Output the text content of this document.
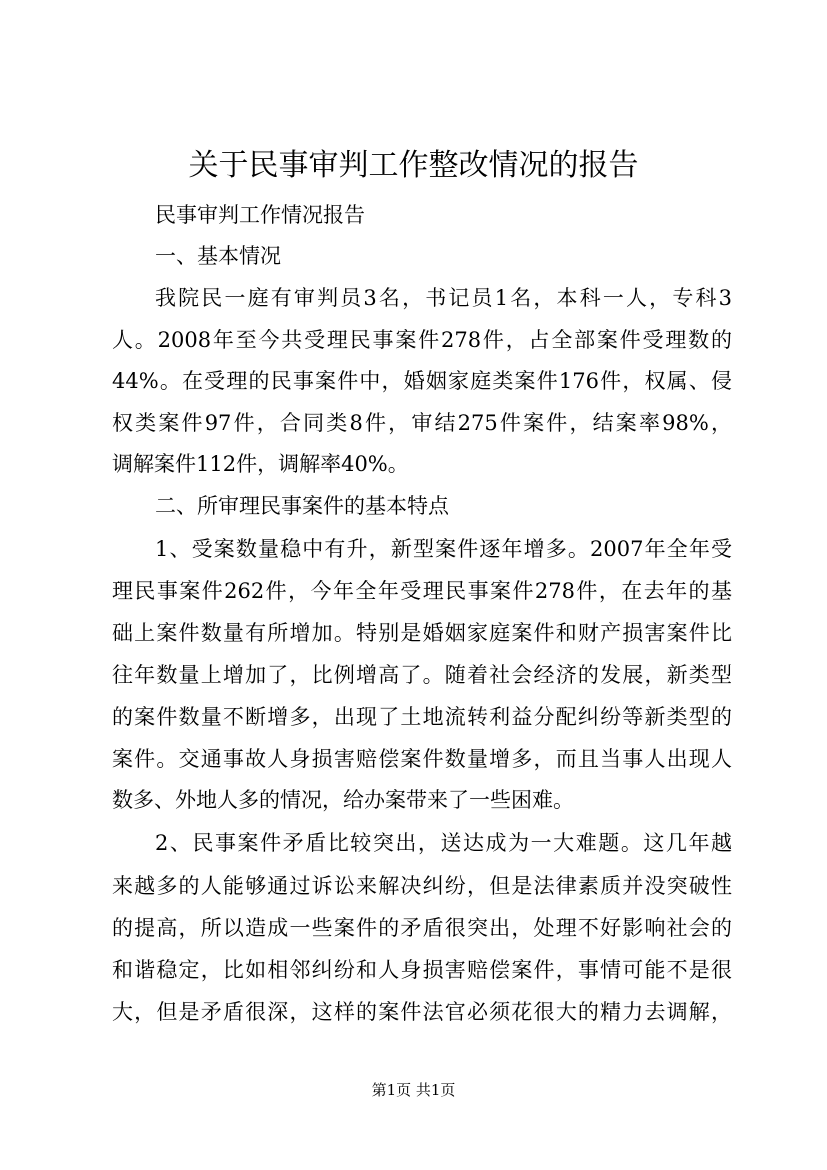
关于民事审判工作整改情况的报告

民事审判工作情况报告

一、基本情况

我院民一庭有审判员3名，书记员1名，本科一人，专科3

人。2008年至今共受理民事案件278件，占全部案件受理数的

44%。在受理的民事案件中，婚姻家庭类案件176件，权属、侵

权类案件97件，合同类8件，审结275件案件，结案率98%，

调解案件112件，调解率40%。

二、所审理民事案件的基本特点

1、受案数量稳中有升，新型案件逐年增多。2007年全年受

理民事案件262件，今年全年受理民事案件278件，在去年的基

础上案件数量有所增加。特别是婚姻家庭案件和财产损害案件比

往年数量上增加了，比例增高了。随着社会经济的发展，新类型

的案件数量不断增多，出现了土地流转利益分配纠纷等新类型的

案件。交通事故人身损害赔偿案件数量增多，而且当事人出现人

数多、外地人多的情况，给办案带来了一些困难。

2、民事案件矛盾比较突出，送达成为一大难题。这几年越

来越多的人能够通过诉讼来解决纠纷，但是法律素质并没突破性

的提高，所以造成一些案件的矛盾很突出，处理不好影响社会的

和谐稳定，比如相邻纠纷和人身损害赔偿案件，事情可能不是很

大，但是矛盾很深，这样的案件法官必须花很大的精力去调解，

第1页 共1页
